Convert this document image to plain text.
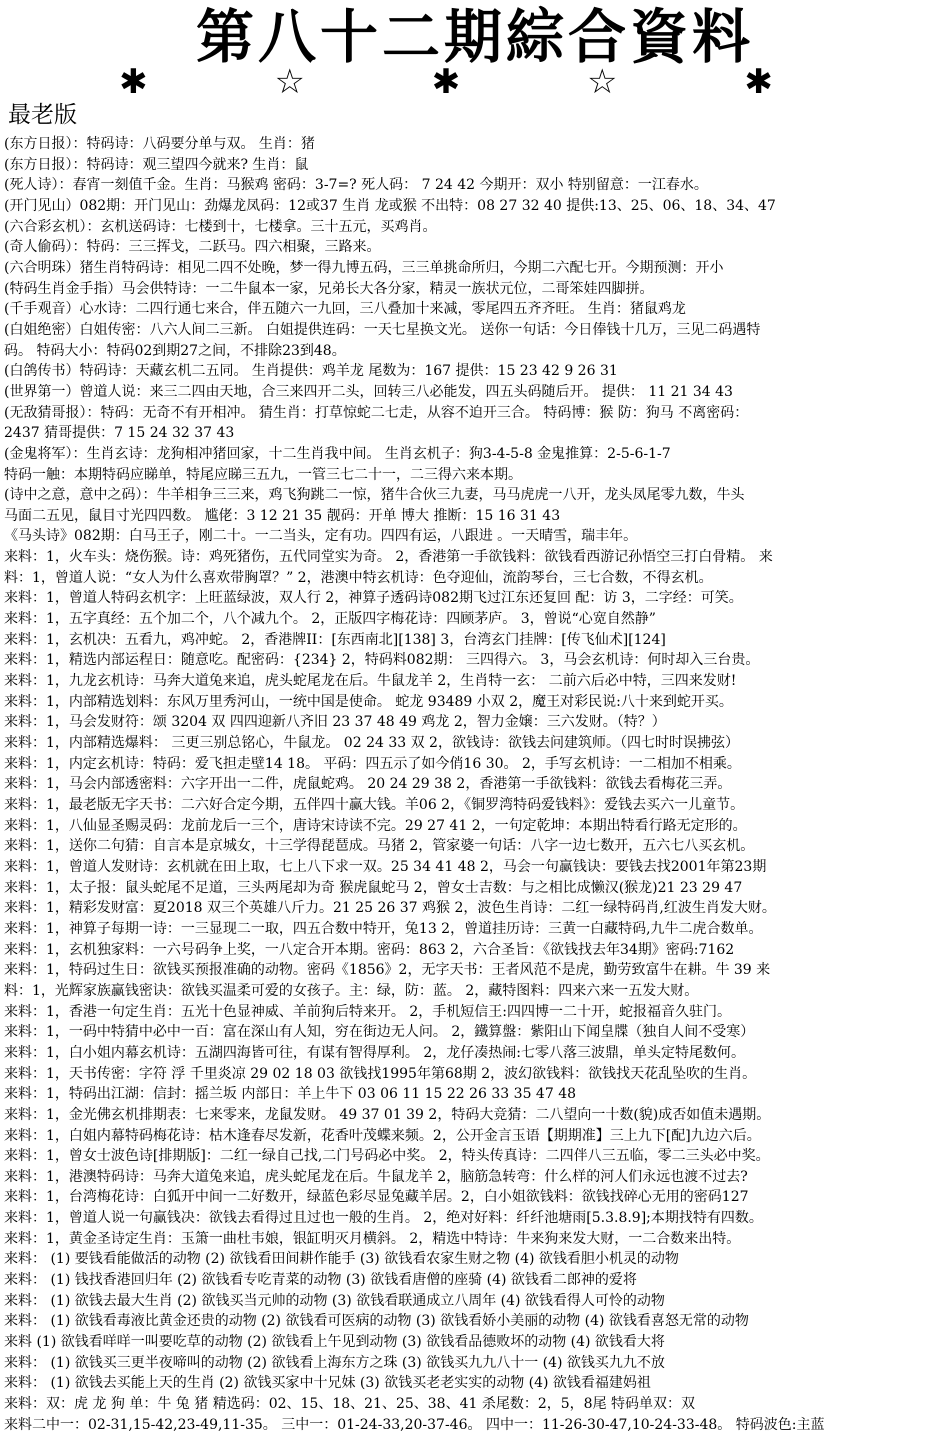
第八十二期綜合資料
✱ ☆ ✱ ☆ ✱
最老版
(东方日报）：特码诗：八码要分单与双。 生肖：猪
(东方日报）：特码诗：观三望四今就来? 生肖：鼠
(死人诗）：春宵一刻值千金。生肖：马猴鸡 密码：3-7=? 死人码： 7 24 42 今期开：双小 特别留意：一江春水。
(开门见山）082期：开门见山：劲爆龙凤码：12或37 生肖 龙或猴 不出特：08 27 32 40 提供:13、25、06、18、34、47
(六合彩玄机）：玄机送码诗：七楼到十，七楼拿。三十五元，买鸡肖。
(奇人偷码）：特码：三三挥戈，二跃马。四六相聚，三路来。
(六合明珠）猪生肖特码诗：相见二四不处晚，梦一得九博五码，三三单挑命所归，今期二六配七开。今期预测：开小
(特码生肖金手指）马会供特诗：一二牛鼠本一家，兄弟长大各分家，精灵一族状元位，二哥笨娃四脚拼。
(千手观音）心水诗：二四行通七来合，伴五随六一九回，三八叠加十来减，零尾四五齐齐旺。 生肖：猪鼠鸡龙
(白姐绝密）白姐传密：八六人间二三新。 白姐提供连码：一天七星换文光。 送你一句话：今日俸钱十几万，三见二码遇特
码。 特码大小：特码02到期27之间，不排除23到48。
(白鸽传书）特码诗：天藏玄机二五同。 生肖提供：鸡羊龙 尾数为：167 提供：15 23 42 9 26 31
(世界第一）曾道人说：来三二四由天地，合三来四开二头，回转三八必能发，四五头码随后开。 提供： 11 21 34 43
(无敌猜哥报）：特码：无奇不有开相冲。 猜生肖：打草惊蛇二七走，从容不迫开三合。 特码博：猴 防：狗马 不离密码：
2437 猜哥提供：7 15 24 32 37 43
(金鬼将军）：生肖玄诗：龙狗相冲猪回家，十二生肖我中间。 生肖玄机子：狗3-4-5-8 金鬼推算：2-5-6-1-7
特码一触：本期特码应睇单，特尾应睇三五九，一管三七二十一，二三得六来本期。
(诗中之意，意中之码）：牛羊相争三三来，鸡飞狗跳二一惊，猪牛合伙三九妻，马马虎虎一八开，龙头凤尾零九数，牛头
马面二五见，鼠目寸光四四数。 尴佬：3 12 21 35 靓码：开单 博大 推断：15 16 31 43
《马头诗》082期：白马王子，刚二十。一二当头，定有功。四四有运，八跟进 。一天晴雪，瑞丰年。
来料：1，火车头：烧伤猴。诗：鸡死猪伤，五代同堂实为奇。 2，香港第一手欲钱料：欲钱看西游记孙悟空三打白骨精。 来
料：1，曾道人说：“女人为什么喜欢带胸罩？” 2，港澳中特玄机诗：色夺迎仙，流韵琴台，三七合数，不得玄机。
来料：1，曾道人特码玄机字：上旺蓝绿波，双人行 2，神算子透码诗082期飞过江东还复回 配：访 3，二字经：可笑。
来料：1，五字真经：五个加二个，八个减九个。 2，正版四字梅花诗：四顾茅庐。 3，曾说“心宽自然静”
来料：1，玄机决：五看九，鸡冲蛇。 2，香港牌II：[东西南北][138] 3，台湾玄门挂牌：[传飞仙术][124]
来料：1，精选内部运程日：随意吃。配密码：{234} 2，特码料082期： 三四得六。 3，马会玄机诗：何时却入三台贵。
来料：1，九龙玄机诗：马奔大道兔来追，虎头蛇尾龙在后。牛鼠龙羊 2，生肖特一玄： 二前六后必中特，三四来发财!
来料：1，内部精选划料：东风万里秀河山，一统中国是使命。 蛇龙 93489 小双 2，魔王对彩民说:八十来到蛇开买。
来料：1，马会发财符：颂 3204 双 四四迎新八齐旧 23 37 48 49 鸡龙 2，智力金嬢：三六发财。（特？）
来料：1，内部精选爆料： 三更三别总铭心，牛鼠龙。 02 24 33 双 2，欲钱诗：欲钱去问建筑师。（四七时时误拂弦）
来料：1，内定玄机诗：特码：爱飞担走壁14 18。 平码：四五示了如今俏16 30。 2，手写玄机诗：一二相加不相乘。
来料：1，马会内部透密料：六字开出一二件，虎鼠蛇鸡。 20 24 29 38 2，香港第一手欲钱料：欲钱去看梅花三弄。
来料：1，最老版无字天书：二六好合定今期，五伴四十赢大钱。羊06 2，《铜罗湾特码爱钱料》：爱钱去买六一儿童节。
来料：1，八仙显圣赐灵码：龙前龙后一三个，唐诗宋诗读不完。29 27 41 2，一句定乾坤：本期出特看行路无定形的。
来料：1，送你二句猜：自言本是京城女，十三学得琵琶成。马猪 2，管家婆一句话：八字一边七数开，五六七八买玄机。
来料：1，曾道人发财诗：玄机就在田上取，七上八下求一双。25 34 41 48 2，马会一句赢钱诀：要钱去找2001年第23期
来料：1，太子报：鼠头蛇尾不足道，三头两尾却为奇 猴虎鼠蛇马 2，曾女士吉数：与之相比成懒汉(猴龙)21 23 29 47
来料：1，精彩发财富：夏2018 双三个英雄八斤力。21 25 26 37 鸡猴 2，波色生肖诗：二红一绿特码肖,红波生肖发大财。
来料：1，神算子每期一诗：一三显现二一取，四五合数中特开，兔13 2，曾道挂历诗：三黄一白藏特码,九牛二虎合数单。
来料：1，玄机独家料：一六号码争上奖，一八定合开本期。密码：863 2，六合圣旨：《欲钱找去年34期》密码:7162
来料：1，特码过生日：欲钱买预报准确的动物。密码《1856》2，无字天书：王者风范不是虎，勤劳致富牛在耕。牛 39 来
料：1，光辉家族赢钱密诀：欲钱买温柔可爱的女孩子。主：绿，防：蓝。 2，藏特图料：四来六来一五发大财。
来料：1，香港一句定生肖：五光十色显神威、羊前狗后特来开。 2，手机短信王:四四博一二十开，蛇报福音久驻门。
来料：1，一码中特猜中必中一百：富在深山有人知，穷在街边无人问。 2，鐵算盤：紫阳山下闻皇牒（独自人间不受寒）
来料：1，白小姐内幕玄机诗：五湖四海皆可往，有谋有智得厚利。 2，龙仔凑热闹:七零八落三波鼎，单头定特尾数何。
来料：1，天书传密：字符 浮 千里炎凉 29 02 18 03 欲钱找1995年第68期 2，波幻欲钱料：欲钱找天花乱坠吹的生肖。
来料：1，特码出江湖：信封：摇兰坂 内部日：羊上牛下 03 06 11 15 22 26 33 35 47 48
来料：1，金光佛玄机排期表：七来零来，龙鼠发财。 49 37 01 39 2，特码大竞猜：二八望向一十数(貌)成否如值未遇期。
来料：1，白姐内幕特码梅花诗：枯木逢春尽发新，花香叶茂蝶来频。2，公开金言玉语【期期准】三上九下[配]九边六后。
来料：1，曾女士波色诗[排期版]：二红一绿自己找,二门号码必中奖。 2，特头传真诗：二四伴八三五临，零二三头必中奖。
来料：1，港澳特码诗：马奔大道兔来追，虎头蛇尾龙在后。牛鼠龙羊 2，脑筋急转弯：什么样的河人们永远也渡不过去?
来料：1，台湾梅花诗：白狐开中间一二好数开，绿蓝色彩尽显兔藏羊居。2，白小姐欲钱料：欲钱找碎心无用的密码127
来料：1，曾道人说一句赢钱决：欲钱去看得过且过也一般的生肖。 2，绝对好料：纤纤池塘雨[5.3.8.9];本期找特有四数。
来料：1，黄金圣诗定生肖：玉箫一曲杜韦娘，银缸明灭月横斜。 2，精选中特诗：牛来狗来发大财，一二合数来出特。
来料： (1) 要钱看能做活的动物 (2) 欲钱看田间耕作能手 (3) 欲钱看农家生财之物 (4) 欲钱看胆小机灵的动物
来料： (1) 钱找香港回归年 (2) 欲钱看专吃青菜的动物 (3) 欲钱看唐僧的座骑 (4) 欲钱看二郎神的爱将
来料： (1) 欲钱去最大生肖 (2) 欲钱买当元帅的动物 (3) 欲钱看联通成立八周年 (4) 欲钱看得人可怜的动物
来料： (1) 欲钱看毒液比黄金还贵的动物 (2) 欲钱看可医病的动物 (3) 欲钱看娇小美丽的动物 (4) 欲钱看喜怒无常的动物
来料 (1) 欲钱看咩咩一叫要吃草的动物 (2) 欲钱看上午见到动物 (3) 欲钱看品德败坏的动物 (4) 欲钱看大将
来料： (1) 欲钱买三更半夜啼叫的动物 (2) 欲钱看上海东方之珠 (3) 欲钱买九九八十一 (4) 欲钱买九九不放
来料： (1) 欲钱去买能上天的生肖 (2) 欲钱买家中十兄妹 (3) 欲钱买老老实实的动物 (4) 欲钱看福建妈祖
来料：双：虎 龙 狗 单：牛 兔 猪 精选码：02、15、18、21、25、38、41 杀尾数：2，5，8尾 特码单双：双
来料二中一：02-31,15-42,23-49,11-35。 三中一：01-24-33,20-37-46。 四中一：11-26-30-47,10-24-33-48。 特码波色:主蓝
